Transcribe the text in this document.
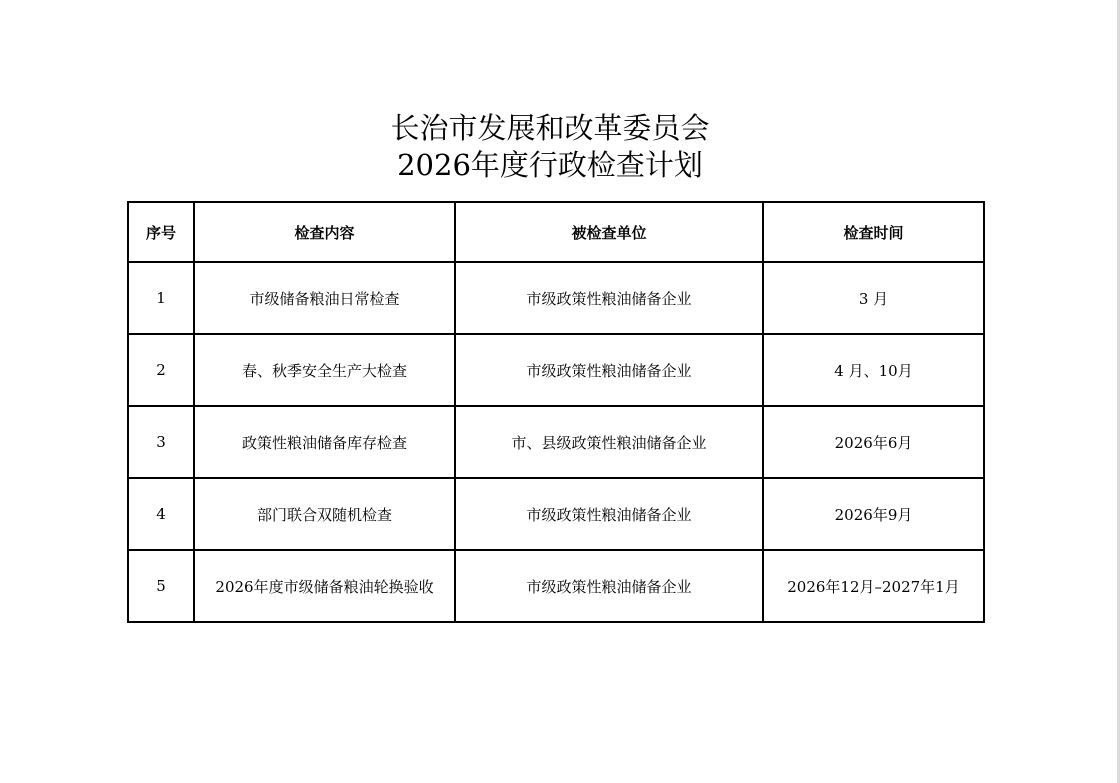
长治市发展和改革委员会
2026年度行政检查计划
序号	检查内容	被检查单位	检查时间
1	市级储备粮油日常检查	市级政策性粮油储备企业	3 月
2	春、秋季安全生产大检查	市级政策性粮油储备企业	4 月、10月
3	政策性粮油储备库存检查	市、县级政策性粮油储备企业	2026年6月
4	部门联合双随机检查	市级政策性粮油储备企业	2026年9月
5	2026年度市级储备粮油轮换验收	市级政策性粮油储备企业	2026年12月–2027年1月
